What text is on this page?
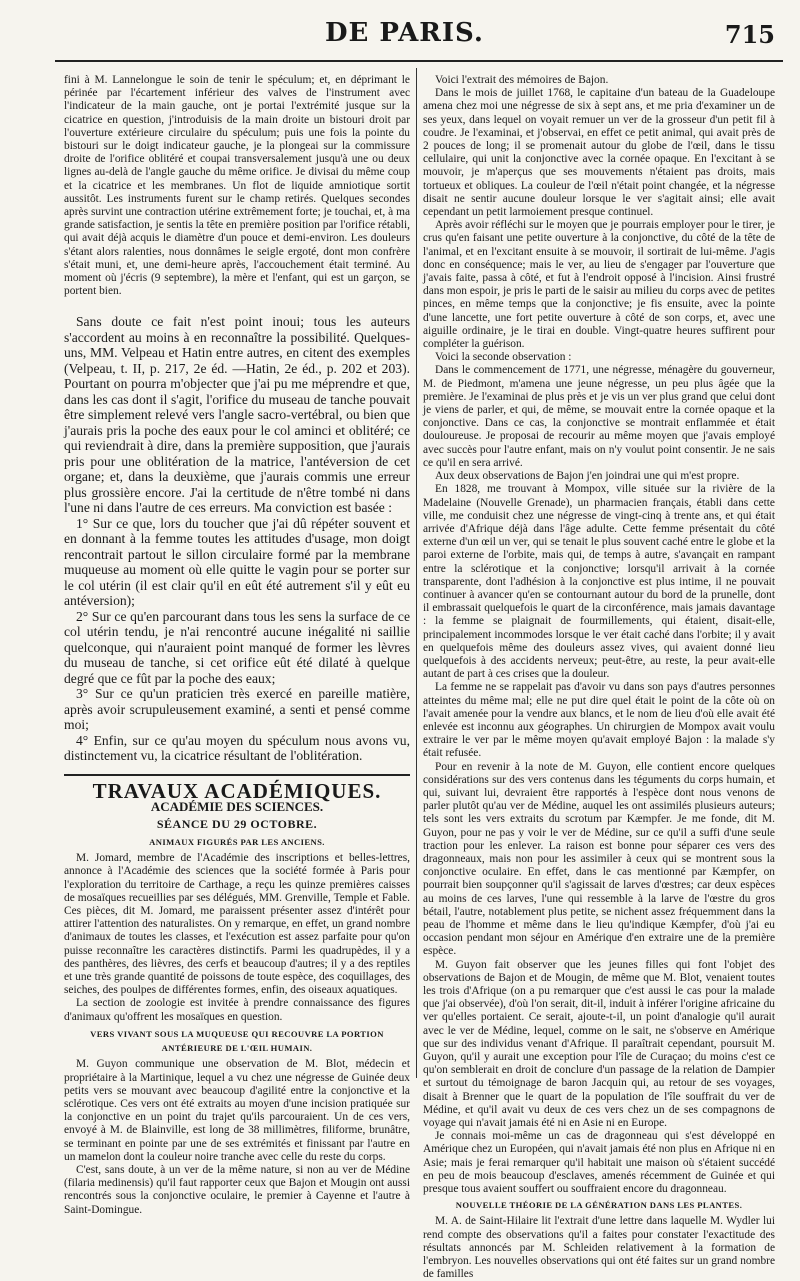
DE PARIS.	715

fini à M. Lannelongue le soin de tenir le spéculum; et, en déprimant le périnée par l'écartement inférieur des valves de l'instrument avec l'indicateur de la main gauche, ont je portai l'extrémité jusque sur la cicatrice en question, j'introduisis de la main droite un bistouri droit par l'ouverture extérieure circulaire du spéculum; puis une fois la pointe du bistouri sur le doigt indicateur gauche, je la plongeai sur la commissure droite de l'orifice oblitéré et coupai transversalement jusqu'à une ou deux lignes au-delà de l'angle gauche du même orifice. Je divisai du même coup et la cicatrice et les membranes. Un flot de liquide amniotique sortit aussitôt. Les instruments furent sur le champ retirés. Quelques secondes après survint une contraction utérine extrêmement forte; je touchai, et, à ma grande satisfaction, je sentis la tête en première position par l'orifice rétabli, qui avait déjà acquis le diamètre d'un pouce et demi-environ. Les douleurs s'étant alors ralenties, nous donnâmes le seigle ergoté, dont mon confrère s'était muni, et, une demi-heure après, l'accouchement était terminé. Au moment où j'écris (9 septembre), la mère et l'enfant, qui est un garçon, se portent bien.

Sans doute ce fait n'est point inoui; tous les auteurs s'accordent au moins à en reconnaître la possibilité. Quelques-uns, MM. Velpeau et Hatin entre autres, en citent des exemples (Velpeau, t. II, p. 217, 2e éd. —Hatin, 2e éd., p. 202 et 203). Pourtant on pourra m'objecter que j'ai pu me méprendre et que, dans les cas dont il s'agit, l'orifice du museau de tanche pouvait être simplement relevé vers l'angle sacro-vertébral, ou bien que j'aurais pris la poche des eaux pour le col aminci et oblitéré; ce qui reviendrait à dire, dans la première supposition, que j'aurais pris pour une oblitération de la matrice, l'antéversion de cet organe; et, dans la deuxième, que j'aurais commis une erreur plus grossière encore. J'ai la certitude de n'être tombé ni dans l'une ni dans l'autre de ces erreurs. Ma conviction est basée :

1° Sur ce que, lors du toucher que j'ai dû répéter souvent et en donnant à la femme toutes les attitudes d'usage, mon doigt rencontrait partout le sillon circulaire formé par la membrane muqueuse au moment où elle quitte le vagin pour se porter sur le col utérin (il est clair qu'il en eût été autrement s'il y eût eu antéversion);

2° Sur ce qu'en parcourant dans tous les sens la surface de ce col utérin tendu, je n'ai rencontré aucune inégalité ni saillie quelconque, qui n'auraient point manqué de former les lèvres du museau de tanche, si cet orifice eût été dilaté à quelque degré que ce fût par la poche des eaux;

3° Sur ce qu'un praticien très exercé en pareille matière, après avoir scrupuleusement examiné, a senti et pensé comme moi;

4° Enfin, sur ce qu'au moyen du spéculum nous avons vu, distinctement vu, la cicatrice résultant de l'oblitération.

TRAVAUX ACADÉMIQUES.
ACADÉMIE DES SCIENCES.
SÉANCE DU 29 OCTOBRE.
ANIMAUX FIGURÉS PAR LES ANCIENS.

M. Jomard, membre de l'Académie des inscriptions et belles-lettres, annonce à l'Académie des sciences que la société formée à Paris pour l'exploration du territoire de Carthage, a reçu les quinze premières caisses de mosaïques recueillies par ses délégués, MM. Grenville, Temple et Fable. Ces pièces, dit M. Jomard, me paraissent présenter assez d'intérêt pour attirer l'attention des naturalistes. On y remarque, en effet, un grand nombre d'animaux de toutes les classes, et l'exécution est assez parfaite pour qu'on puisse reconnaître les caractères distinctifs. Parmi les quadrupèdes, il y a des panthères, des lièvres, des cerfs et beaucoup d'autres; il y a des reptiles et une très grande quantité de poissons de toute espèce, des coquillages, des seiches, des poulpes de différentes formes, enfin, des oiseaux aquatiques.

La section de zoologie est invitée à prendre connaissance des figures d'animaux qu'offrent les mosaïques en question.

VERS VIVANT SOUS LA MUQUEUSE QUI RECOUVRE LA PORTION ANTÉRIEURE DE L'ŒIL HUMAIN.

M. Guyon communique une observation de M. Blot, médecin et propriétaire à la Martinique, lequel a vu chez une négresse de Guinée deux petits vers se mouvant avec beaucoup d'agilité entre la conjonctive et la sclérotique. Ces vers ont été extraits au moyen d'une incision pratiquée sur la conjonctive en un point du trajet qu'ils parcouraient. Un de ces vers, envoyé à M. de Blainville, est long de 38 millimètres, filiforme, brunâtre, se terminant en pointe par une de ses extrémités et finissant par l'autre en un mamelon dont la couleur noire tranche avec celle du reste du corps.

C'est, sans doute, à un ver de la même nature, si non au ver de Médine (filaria medinensis) qu'il faut rapporter ceux que Bajon et Mougin ont aussi rencontrés sous la conjonctive oculaire, le premier à Cayenne et l'autre à Saint-Domingue.

Voici l'extrait des mémoires de Bajon.

Dans le mois de juillet 1768, le capitaine d'un bateau de la Guadeloupe amena chez moi une négresse de six à sept ans, et me pria d'examiner un de ses yeux, dans lequel on voyait remuer un ver de la grosseur d'un petit fil à coudre. Je l'examinai, et j'observai, en effet ce petit animal, qui avait près de 2 pouces de long; il se promenait autour du globe de l'œil, dans le tissu cellulaire, qui unit la conjonctive avec la cornée opaque. En l'excitant à se mouvoir, je m'aperçus que ses mouvements n'étaient pas droits, mais tortueux et obliques. La couleur de l'œil n'était point changée, et la négresse disait ne sentir aucune douleur lorsque le ver s'agitait ainsi; elle avait cependant un petit larmoiement presque continuel.

Après avoir réfléchi sur le moyen que je pourrais employer pour le tirer, je crus qu'en faisant une petite ouverture à la conjonctive, du côté de la tête de l'animal, et en l'excitant ensuite à se mouvoir, il sortirait de lui-même. J'agis donc en conséquence; mais le ver, au lieu de s'engager par l'ouverture que j'avais faite, passa à côté, et fut à l'endroit opposé à l'incision. Ainsi frustré dans mon espoir, je pris le parti de le saisir au milieu du corps avec de petites pinces, en même temps que la conjonctive; je fis ensuite, avec la pointe d'une lancette, une fort petite ouverture à côté de son corps, et, avec une aiguille ordinaire, je le tirai en double. Vingt-quatre heures suffirent pour compléter la guérison.

Voici la seconde observation :

Dans le commencement de 1771, une négresse, ménagère du gouverneur, M. de Piedmont, m'amena une jeune négresse, un peu plus âgée que la première. Je l'examinai de plus près et je vis un ver plus grand que celui dont je viens de parler, et qui, de même, se mouvait entre la cornée opaque et la conjonctive. Dans ce cas, la conjonctive se montrait enflammée et était douloureuse. Je proposai de recourir au même moyen que j'avais employé avec succès pour l'autre enfant, mais on n'y voulut point consentir. Je ne sais ce qu'il en sera arrivé.

Aux deux observations de Bajon j'en joindrai une qui m'est propre.

En 1828, me trouvant à Mompox, ville située sur la rivière de la Madelaine (Nouvelle Grenade), un pharmacien français, établi dans cette ville, me conduisit chez une négresse de vingt-cinq à trente ans, et qui était arrivée d'Afrique déjà dans l'âge adulte. Cette femme présentait du côté externe d'un œil un ver, qui se tenait le plus souvent caché entre le globe et la paroi externe de l'orbite, mais qui, de temps à autre, s'avançait en rampant entre la sclérotique et la conjonctive; lorsqu'il arrivait à la cornée transparente, dont l'adhésion à la conjonctive est plus intime, il ne pouvait continuer à avancer qu'en se contournant autour du bord de la prunelle, dont il embrassait quelquefois le quart de la circonférence, mais jamais davantage : la femme se plaignait de fourmillements, qui étaient, disait-elle, principalement incommodes lorsque le ver était caché dans l'orbite; il y avait en quelquefois même des douleurs assez vives, qui avaient donné lieu quelquefois à des accidents nerveux; peut-être, au reste, la peur avait-elle autant de part à ces crises que la douleur.

La femme ne se rappelait pas d'avoir vu dans son pays d'autres personnes atteintes du même mal; elle ne put dire quel était le point de la côte où on l'avait amenée pour la vendre aux blancs, et le nom de lieu d'où elle avait été enlevée est inconnu aux géographes. Un chirurgien de Mompox avait voulu extraire le ver par le même moyen qu'avait employé Bajon : la malade s'y était refusée.

Pour en revenir à la note de M. Guyon, elle contient encore quelques considérations sur des vers contenus dans les téguments du corps humain, et qui, suivant lui, devraient être rapportés à l'espèce dont nous venons de parler plutôt qu'au ver de Médine, auquel les ont assimilés plusieurs auteurs; tels sont les vers extraits du scrotum par Kæmpfer. Je me fonde, dit M. Guyon, pour ne pas y voir le ver de Médine, sur ce qu'il a suffi d'une seule traction pour les enlever. La raison est bonne pour séparer ces vers des dragonneaux, mais non pour les assimiler à ceux qui se montrent sous la conjonctive oculaire. En effet, dans le cas mentionné par Kæmpfer, on pourrait bien soupçonner qu'il s'agissait de larves d'œstres; car deux espèces au moins de ces larves, l'une qui ressemble à la larve de l'œstre du gros bétail, l'autre, notablement plus petite, se nichent assez fréquemment dans la peau de l'homme et même dans le lieu qu'indique Kæmpfer, d'où j'ai eu occasion pendant mon séjour en Amérique d'en extraire une de la première espèce.

M. Guyon fait observer que les jeunes filles qui font l'objet des observations de Bajon et de Mougin, de même que M. Blot, venaient toutes les trois d'Afrique (on a pu remarquer que c'est aussi le cas pour la malade que j'ai observée), d'où l'on serait, dit-il, induit à inférer l'origine africaine du ver qu'elles portaient. Ce serait, ajoute-t-il, un point d'analogie qu'il aurait avec le ver de Médine, lequel, comme on le sait, ne s'observe en Amérique que sur des individus venant d'Afrique. Il paraîtrait cependant, poursuit M. Guyon, qu'il y aurait une exception pour l'île de Curaçao; du moins c'est ce qu'on semblerait en droit de conclure d'un passage de la relation de Dampier et surtout du témoignage de baron Jacquin qui, au retour de ses voyages, disait à Brenner que le quart de la population de l'île souffrait du ver de Médine, et qu'il avait vu deux de ces vers chez un de ses compagnons de voyage qui n'avait jamais été ni en Asie ni en Europe.

Je connais moi-même un cas de dragonneau qui s'est développé en Amérique chez un Européen, qui n'avait jamais été non plus en Afrique ni en Asie; mais je ferai remarquer qu'il habitait une maison où s'étaient succédé en peu de mois beaucoup d'esclaves, amenés récemment de Guinée et qui presque tous avaient souffert ou souffraient encore du dragonneau.

NOUVELLE THÉORIE DE LA GÉNÉRATION DANS LES PLANTES.

M. A. de Saint-Hilaire lit l'extrait d'une lettre dans laquelle M. Wydler lui rend compte des observations qu'il a faites pour constater l'exactitude des résultats annoncés par M. Schleiden relativement à la formation de l'embryon. Les nouvelles observations qui ont été faites sur un grand nombre de familles
